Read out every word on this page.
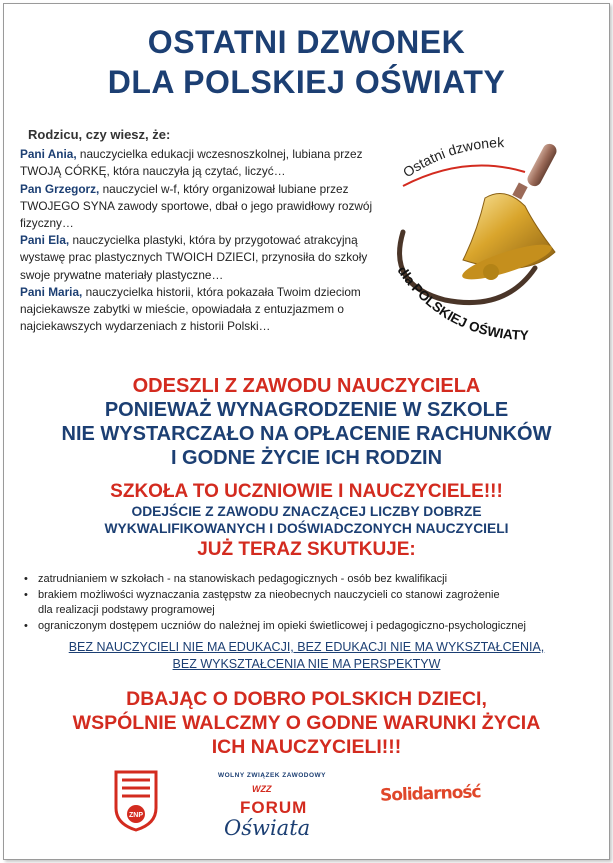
OSTATNI DZWONEK
DLA POLSKIEJ OŚWIATY
Rodzicu, czy wiesz, że:

Pani Ania, nauczycielka edukacji wczesnoszkolnej, lubiana przez TWOJĄ CÓRKĘ, która nauczyła ją czytać, liczyć…

Pan Grzegorz, nauczyciel w-f, który organizował lubiane przez TWOJEGO SYNA zawody sportowe, dbał o jego prawidłowy rozwój fizyczny…

Pani Ela, nauczycielka plastyki, która by przygotować atrakcyjną wystawę prac plastycznych TWOICH DZIECI, przynosiła do szkoły swoje prywatne materiały plastyczne…

Pani Maria, nauczycielka historii, która pokazała Twoim dzieciom najciekawsze zabytki w mieście, opowiadała z entuzjazmem o najciekawszych wydarzeniach z historii Polski…

Ostatni dzwonek
dla POLSKIEJ OŚWIATY
ODESZLI Z ZAWODU NAUCZYCIELA
PONIEWAŻ WYNAGRODZENIE W SZKOLE
NIE WYSTARCZAŁO NA OPŁACENIE RACHUNKÓW
I GODNE ŻYCIE ICH RODZIN
SZKOŁA TO UCZNIOWIE I NAUCZYCIELE!!!
ODEJŚCIE Z ZAWODU ZNACZĄCEJ LICZBY DOBRZE
WYKWALIFIKOWANYCH I DOŚWIADCZONYCH NAUCZYCIELI
JUŻ TERAZ SKUTKUJE:
• zatrudnianiem w szkołach - na stanowiskach pedagogicznych - osób bez kwalifikacji
• brakiem możliwości wyznaczania zastępstw za nieobecnych nauczycieli co stanowi zagrożenie
dla realizacji podstawy programowej
• ograniczonym dostępem uczniów do należnej im opieki świetlicowej i pedagogiczno-psychologicznej
BEZ NAUCZYCIELI NIE MA EDUKACJI, BEZ EDUKACJI NIE MA WYKSZTAŁCENIA,
BEZ WYKSZTAŁCENIA NIE MA PERSPEKTYW
DBAJĄC O DOBRO POLSKICH DZIECI,
WSPÓLNIE WALCZMY O GODNE WARUNKI ŻYCIA
ICH NAUCZYCIELI!!!
ZNP
WOLNY ZWIĄZEK ZAWODOWY
WZZ
FORUM
Oświata
Solidarność
